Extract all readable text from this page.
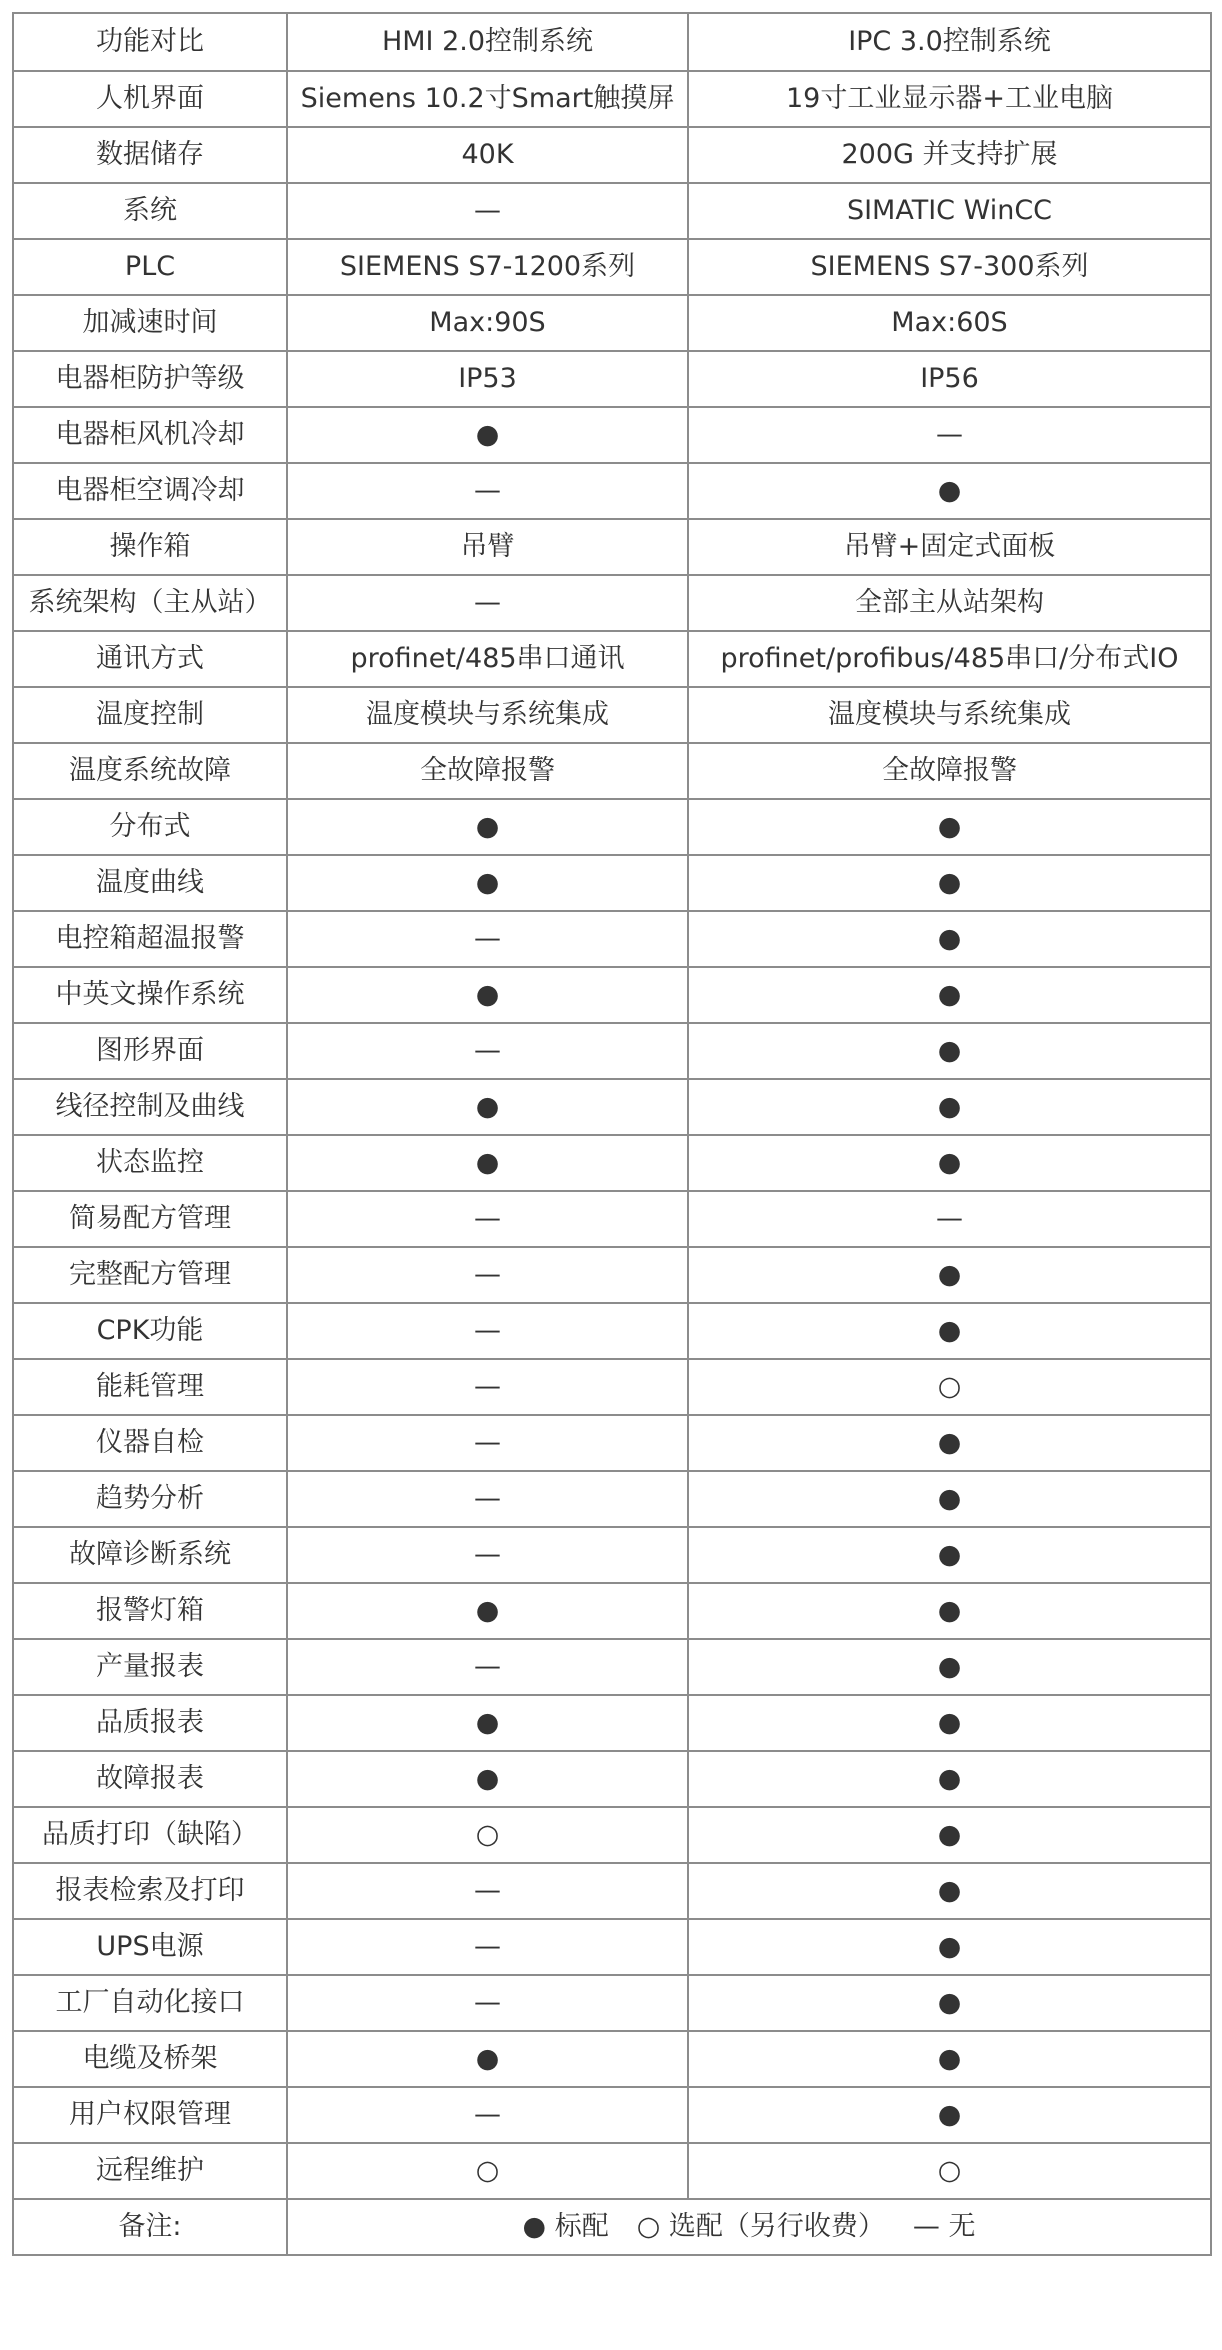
功能对比	HMI 2.0控制系统	IPC 3.0控制系统
人机界面	Siemens 10.2寸Smart触摸屏	19寸工业显示器+工业电脑
数据储存	40K	200G 并支持扩展
系统	—	SIMATIC WinCC
PLC	SIEMENS S7-1200系列	SIEMENS S7-300系列
加减速时间	Max:90S	Max:60S
电器柜防护等级	IP53	IP56
电器柜风机冷却	●	—
电器柜空调冷却	—	●
操作箱	吊臂	吊臂+固定式面板
系统架构（主从站）	—	全部主从站架构
通讯方式	profinet/485串口通讯	profinet/profibus/485串口/分布式IO
温度控制	温度模块与系统集成	温度模块与系统集成
温度系统故障	全故障报警	全故障报警
分布式	●	●
温度曲线	●	●
电控箱超温报警	—	●
中英文操作系统	●	●
图形界面	—	●
线径控制及曲线	●	●
状态监控	●	●
简易配方管理	—	—
完整配方管理	—	●
CPK功能	—	●
能耗管理	—	○
仪器自检	—	●
趋势分析	—	●
故障诊断系统	—	●
报警灯箱	●	●
产量报表	—	●
品质报表	●	●
故障报表	●	●
品质打印（缺陷）	○	●
报表检索及打印	—	●
UPS电源	—	●
工厂自动化接口	—	●
电缆及桥架	●	●
用户权限管理	—	●
远程维护	○	○
备注:	● 标配 ○ 选配（另行收费） — 无	
